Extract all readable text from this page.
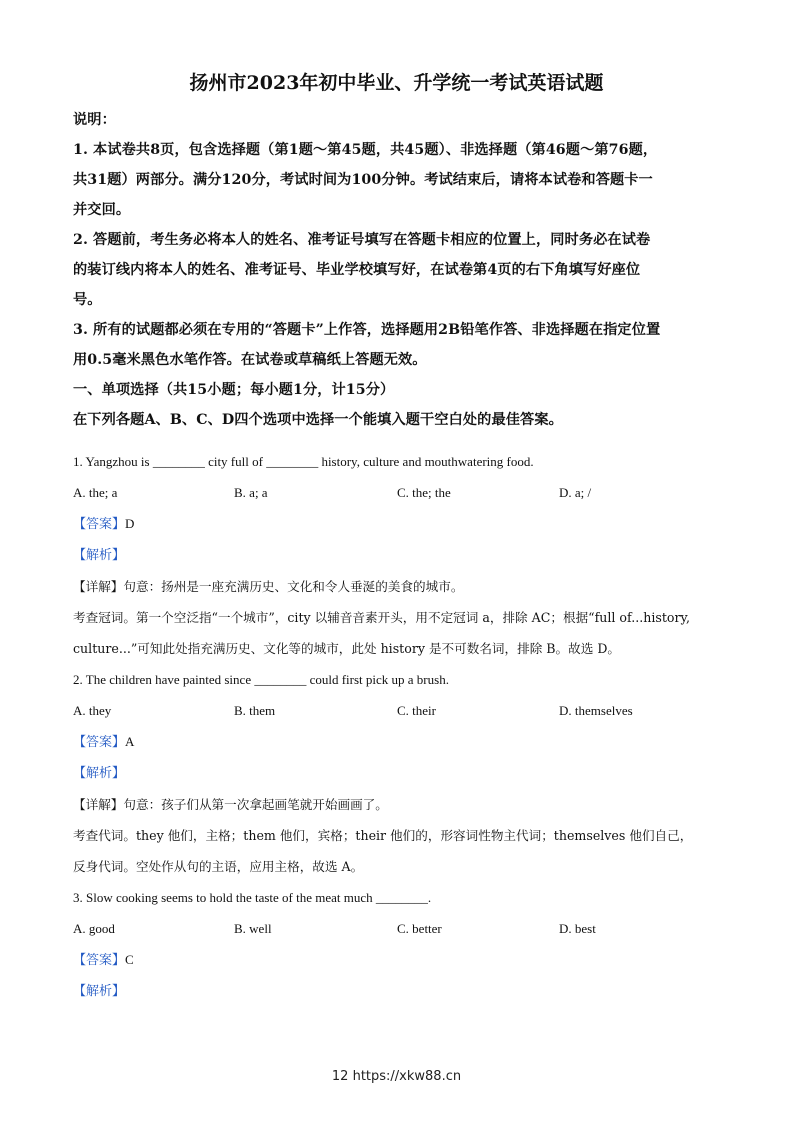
扬州市2023年初中毕业、升学统一考试英语试题
说明：
1. 本试卷共8页，包含选择题（第1题～第45题，共45题）、非选择题（第46题～第76题，
共31题）两部分。满分120分，考试时间为100分钟。考试结束后，请将本试卷和答题卡一
并交回。
2. 答题前，考生务必将本人的姓名、准考证号填写在答题卡相应的位置上，同时务必在试卷
的装订线内将本人的姓名、准考证号、毕业学校填写好，在试卷第4页的右下角填写好座位
号。
3. 所有的试题都必须在专用的“答题卡”上作答，选择题用2B铅笔作答、非选择题在指定位置
用0.5毫米黑色水笔作答。在试卷或草稿纸上答题无效。
一、单项选择（共15小题；每小题1分，计15分）
在下列各题A、B、C、D四个选项中选择一个能填入题干空白处的最佳答案。
1. Yangzhou is ________ city full of ________ history, culture and mouthwatering food.
A. the; a	B. a; a	C. the; the	D. a; /
【答案】D
【解析】
【详解】句意：扬州是一座充满历史、文化和令人垂涎的美食的城市。
考查冠词。第一个空泛指“一个城市”，city 以辅音音素开头，用不定冠词 a，排除 AC；根据“full of...history,
culture...”可知此处指充满历史、文化等的城市，此处 history 是不可数名词，排除 B。故选 D。
2. The children have painted since ________ could first pick up a brush.
A. they	B. them	C. their	D. themselves
【答案】A
【解析】
【详解】句意：孩子们从第一次拿起画笔就开始画画了。
考查代词。they 他们，主格；them 他们，宾格；their 他们的，形容词性物主代词；themselves 他们自己，
反身代词。空处作从句的主语，应用主格，故选 A。
3. Slow cooking seems to hold the taste of the meat much ________.
A. good	B. well	C. better	D. best
【答案】C
【解析】
12 https://xkw88.cn
